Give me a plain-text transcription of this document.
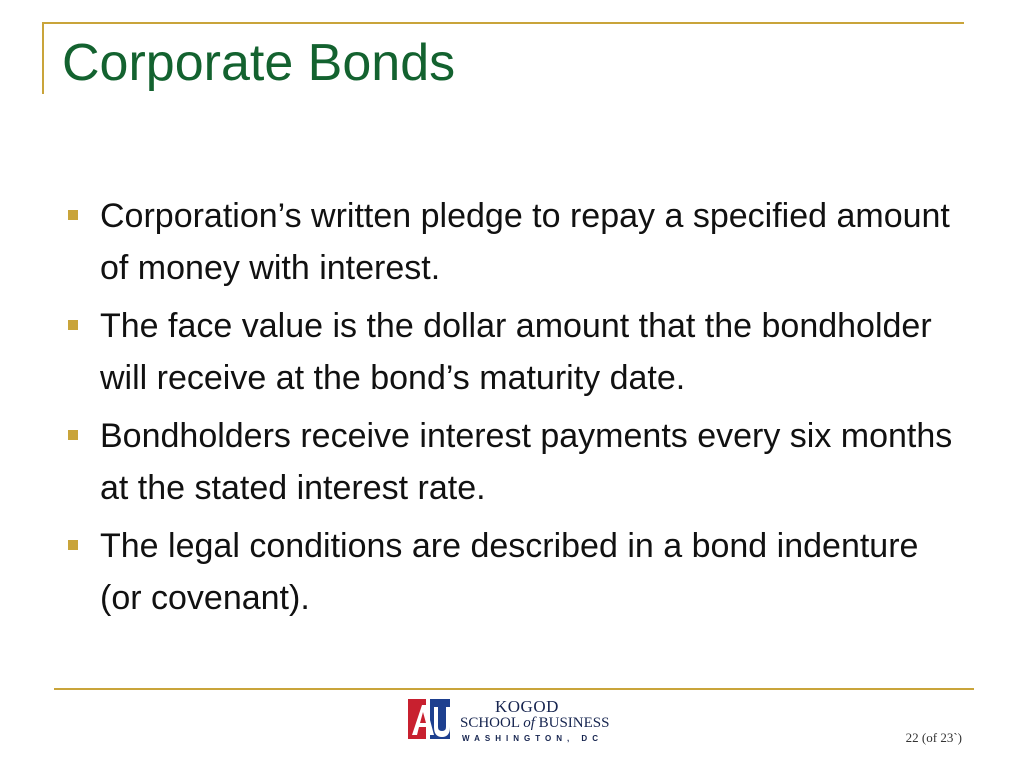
Corporate Bonds
Corporation’s written pledge to repay a specified amount of money with interest.
The face value is the dollar amount that the bondholder will receive at the bond’s maturity date.
Bondholders receive interest payments every six months at the stated interest rate.
The legal conditions are described in a bond indenture (or covenant).
KOGOD
SCHOOL of BUSINESS
WASHINGTON, DC	22 (of 23`)
